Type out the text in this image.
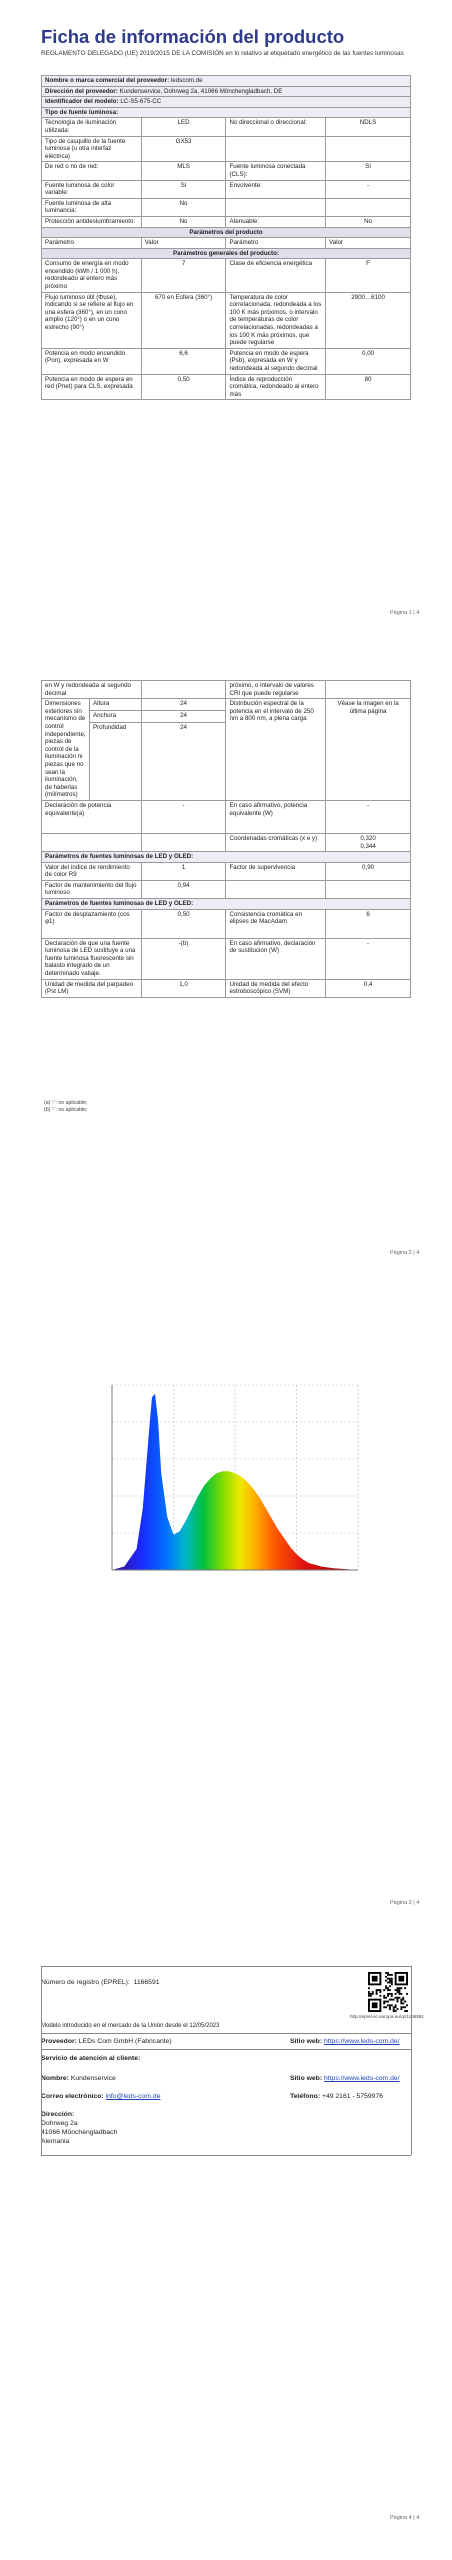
Ficha de información del producto
REGLAMENTO DELEGADO (UE) 2019/2015 DE LA COMISIÓN en lo relativo al etiquetado energético de las fuentes luminosas
Nombre o marca comercial del proveedor: ledscom.de			
Dirección del proveedor: Kundenservice, Dohrweg 2a, 41066 Mönchengladbach, DE			
Identificador del modelo: LC-S5-675-CC			
Tipo de fuente luminosa:			
Tecnología de iluminación utilizada:	LED	No direccional o direccional:	NDLS
Tipo de casquillo de la fuente luminosa (u otra interfaz eléctrica)	GX53		
De red o no de red:	MLS	Fuente luminosa conectada (CLS):	Sí
Fuente luminosa de color variable:	Sí	Envolvente:	-
Fuente luminosa de alta luminancia:	No		
Protección antideslumbramiento:	No	Atenuable:	No
Parámetros del producto			
Parámetro	Valor	Parámetro	Valor
Parámetros generales del producto:			
Consumo de energía en modo encendido (kWh / 1 000 h), redondeado al entero más próximo	7	Clase de eficiencia energética	F
Flujo luminoso útil (Φuse), indicando si se refiere al flujo en una esfera (360°), en un cono amplio (120°) o en un cono estrecho (90°)	670 en Esfera (360°)	Temperatura de color correlacionada, redondeada a los 100 K más próximos, o intervalo de temperaturas de color correlacionadas, redondeadas a los 100 K más próximos, que puede regularse	2900…6100
Potencia en modo encendido (Pon), expresada en W	6,6	Potencia en modo de espera (Psb), expresada en W y redondeada al segundo decimal	0,00
Potencia en modo de espera en red (Pnet) para CLS, expresada	0,50	Índice de reproducción cromática, redondeado al entero más	80
Página 1 | 4
en W y redondeada al segundo decimal			próximo, o intervalo de valores CRI que puede regularse	
Dimensiones exteriores sin mecanismo de control independiente, piezas de control de la iluminación ni piezas que no sean la iluminación, de haberlas (milímetros)	Altura	24	Distribución espectral de la potencia en el intervalo de 250 nm a 800 nm, a plena carga	Véase la imagen en la última página
	Anchura	24		
	Profundidad	24		
Declaración de potencia equivalente(a)		-	En caso afirmativo, potencia equivalente (W)	-
			Coordenadas cromáticas (x e y)	0,320
0,344
Parámetros de fuentes luminosas de LED y OLED:				
Valor del índice de rendimiento de color R9		1	Factor de supervivencia	0,90
Factor de mantenimiento del flujo luminoso		0,94		
Parámetros de fuentes luminosas de LED y OLED:				
Factor de desplazamiento (cos φ1)		0,50	Consistencia cromática en elipses de MacAdam	6
Declaración de que una fuente luminosa de LED sustituye a una fuente luminosa fluorescente sin balasto integrado de un determinado vatiaje.		-(b)	En caso afirmativo, declaración de sustitución (W)	-
Unidad de medida del parpadeo (Pst LM)		1,0	Unidad de medida del efecto estroboscópico (SVM)	0,4
(a) '-': no aplicable;
(b) '-': no aplicable;
Página 2 | 4
Página 3 | 4
Número de registro (EPREL): 1166591
http://eprel.ec.europa.eu/qr/1166591
Modelo introducido en el mercado de la Unión desde el 12/05/2023
Proveedor: LEDs Com GmbH (Fabricante)	Sitio web: https://www.leds-com.de/
Servicio de atención al cliente:
Nombre: Kundenservice	Sitio web: https://www.leds-com.de/
Correo electrónico: info@leds-com.de	Teléfono: +49 2161 - 5759976
Dirección:
Dohrweg 2a
41066 Mönchengladbach
Alemania
Página 4 | 4
